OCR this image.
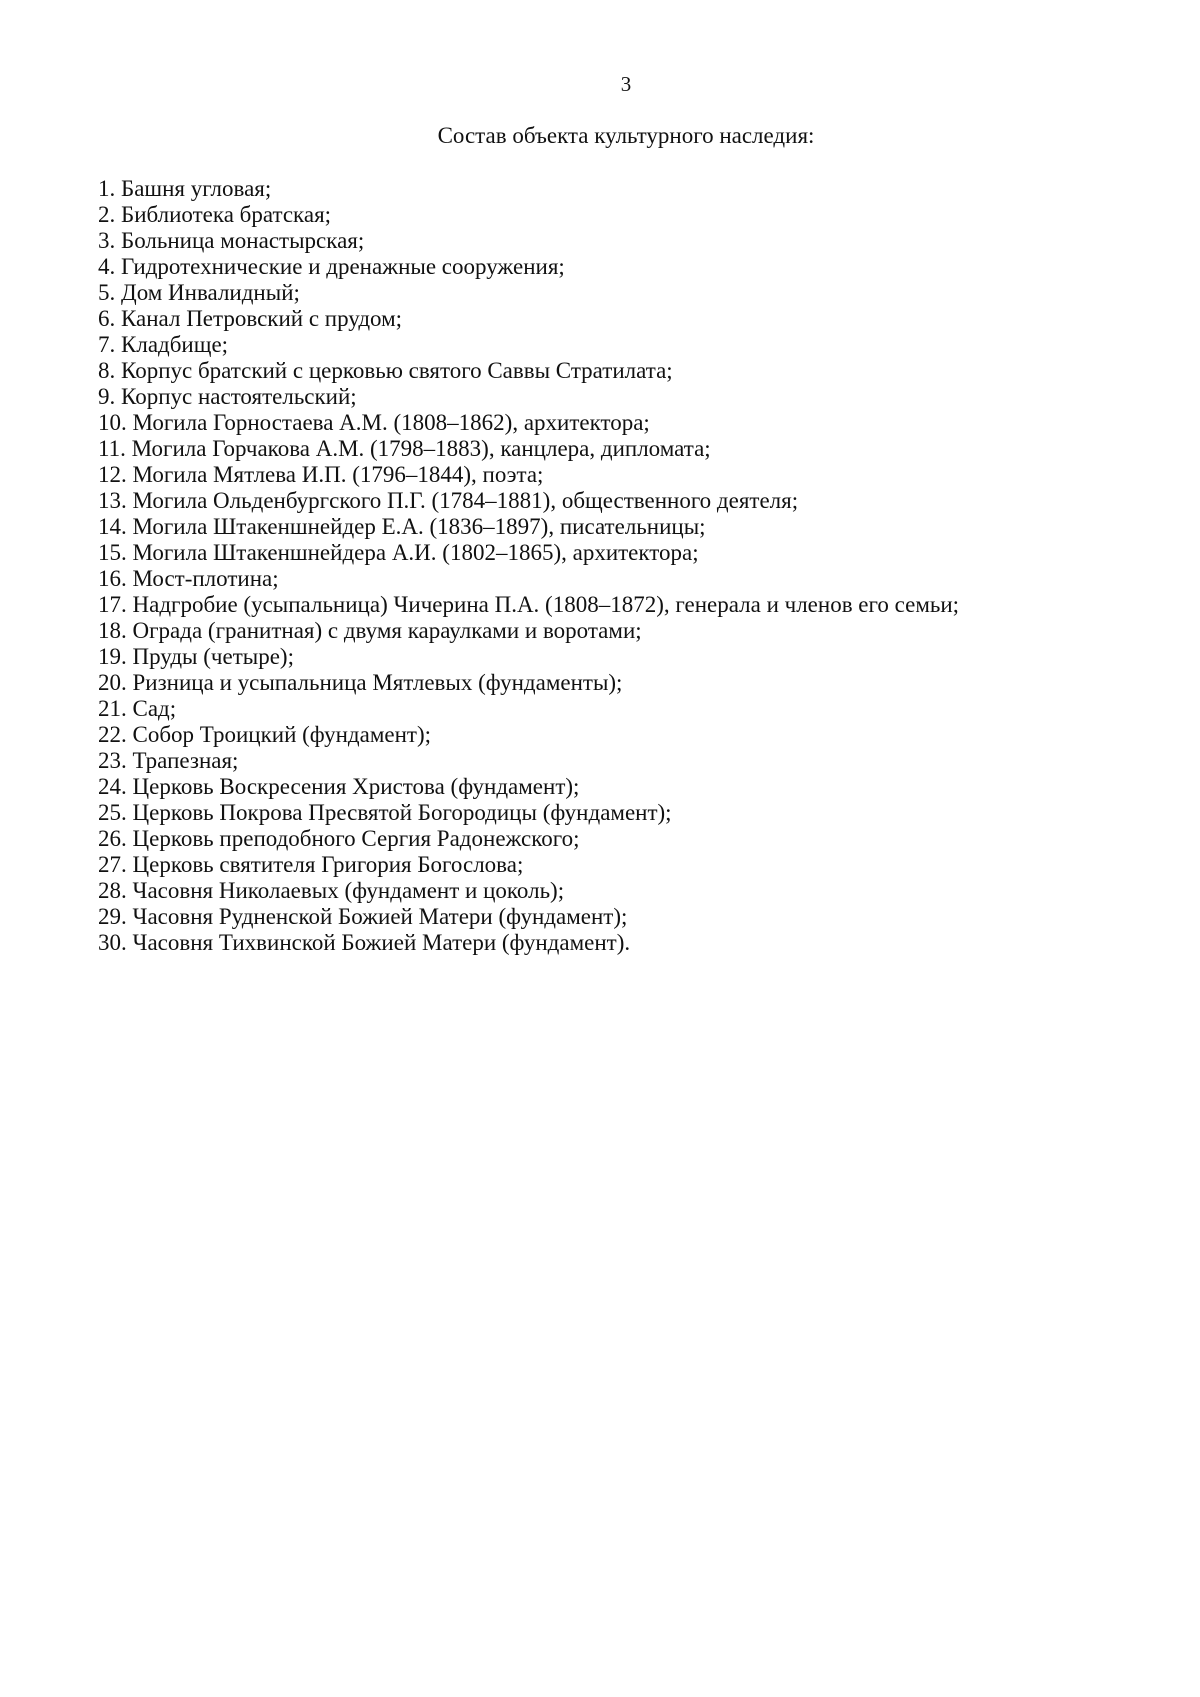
3
Состав объекта культурного наследия:
1. Башня угловая;
2. Библиотека братская;
3. Больница монастырская;
4. Гидротехнические и дренажные сооружения;
5. Дом Инвалидный;
6. Канал Петровский с прудом;
7. Кладбище;
8. Корпус братский с церковью святого Саввы Стратилата;
9. Корпус настоятельский;
10. Могила Горностаева А.М. (1808–1862), архитектора;
11. Могила Горчакова А.М. (1798–1883), канцлера, дипломата;
12. Могила Мятлева И.П. (1796–1844), поэта;
13. Могила Ольденбургского П.Г. (1784–1881), общественного деятеля;
14. Могила Штакеншнейдер Е.А. (1836–1897), писательницы;
15. Могила Штакеншнейдера А.И. (1802–1865), архитектора;
16. Мост-плотина;
17. Надгробие (усыпальница) Чичерина П.А. (1808–1872), генерала и членов его семьи;
18. Ограда (гранитная) с двумя караулками и воротами;
19. Пруды (четыре);
20. Ризница и усыпальница Мятлевых (фундаменты);
21. Сад;
22. Собор Троицкий (фундамент);
23. Трапезная;
24. Церковь Воскресения Христова (фундамент);
25. Церковь Покрова Пресвятой Богородицы (фундамент);
26. Церковь преподобного Сергия Радонежского;
27. Церковь святителя Григория Богослова;
28. Часовня Николаевых (фундамент и цоколь);
29. Часовня Рудненской Божией Матери (фундамент);
30. Часовня Тихвинской Божией Матери (фундамент).
